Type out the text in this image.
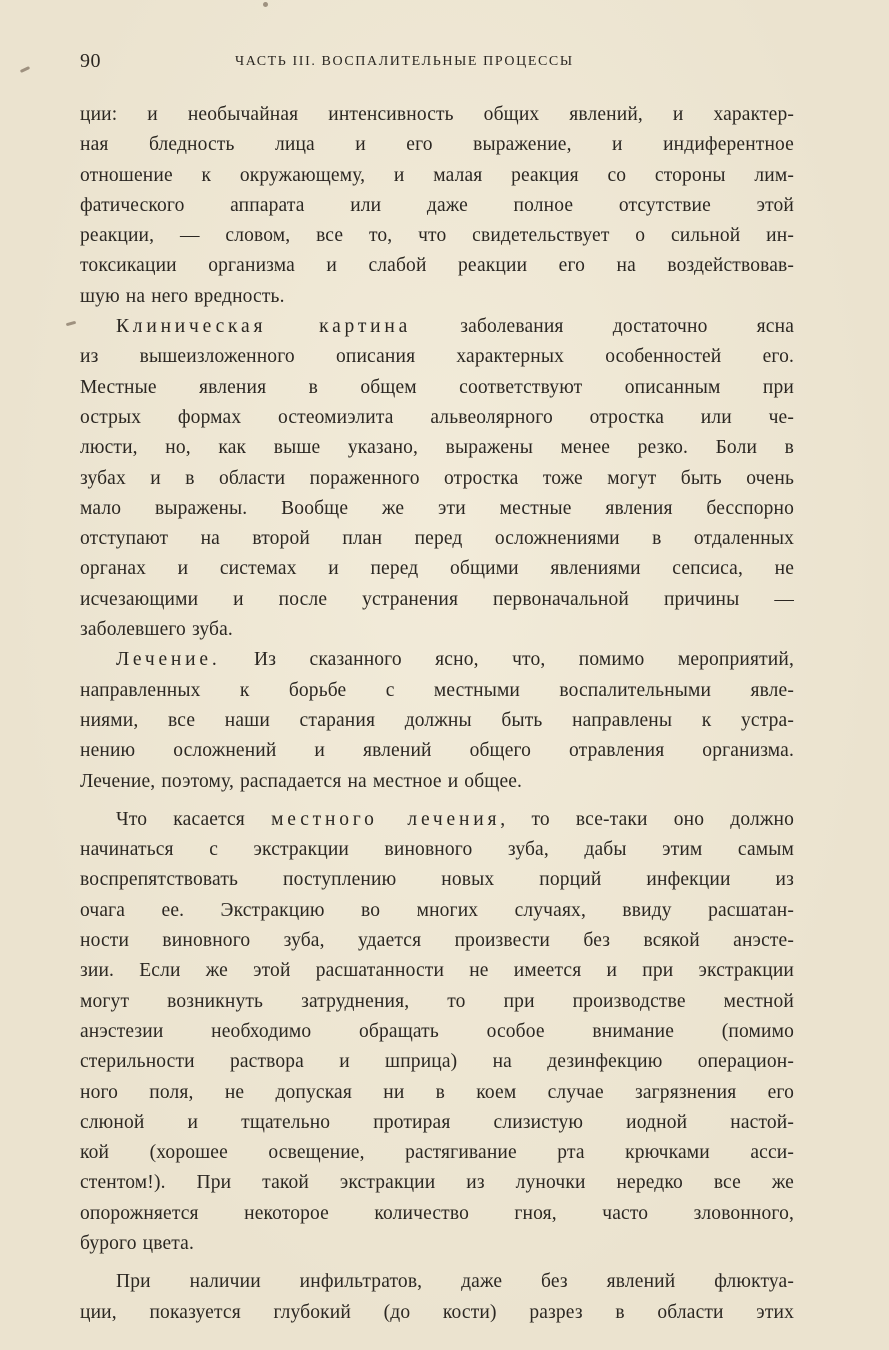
90	ЧАСТЬ III. ВОСПАЛИТЕЛЬНЫЕ ПРОЦЕССЫ
ции: и необычайная интенсивность общих явлений, и характер-
ная бледность лица и его выражение, и индиферентное
отношение к окружающему, и малая реакция со стороны лим-
фатического аппарата или даже полное отсутствие этой
реакции, — словом, все то, что свидетельствует о сильной ин-
токсикации организма и слабой реакции его на воздействовав-
шую на него вредность.
Клиническая картина заболевания достаточно ясна
из вышеизложенного описания характерных особенностей его.
Местные явления в общем соответствуют описанным при
острых формах остеомиэлита альвеолярного отростка или че-
люсти, но, как выше указано, выражены менее резко. Боли в
зубах и в области пораженного отростка тоже могут быть очень
мало выражены. Вообще же эти местные явления бесспорно
отступают на второй план перед осложнениями в отдаленных
органах и системах и перед общими явлениями сепсиса, не
исчезающими и после устранения первоначальной причины —
заболевшего зуба.
Лечение. Из сказанного ясно, что, помимо мероприятий,
направленных к борьбе с местными воспалительными явле-
ниями, все наши старания должны быть направлены к устра-
нению осложнений и явлений общего отравления организма.
Лечение, поэтому, распадается на местное и общее.
Что касается местного лечения, то все-таки оно должно
начинаться с экстракции виновного зуба, дабы этим самым
воспрепятствовать поступлению новых порций инфекции из
очага ее. Экстракцию во многих случаях, ввиду расшатан-
ности виновного зуба, удается произвести без всякой анэсте-
зии. Если же этой расшатанности не имеется и при экстракции
могут возникнуть затруднения, то при производстве местной
анэстезии необходимо обращать особое внимание (помимо
стерильности раствора и шприца) на дезинфекцию операцион-
ного поля, не допуская ни в коем случае загрязнения его
слюной и тщательно протирая слизистую иодной настой-
кой (хорошее освещение, растягивание рта крючками асси-
стентом!). При такой экстракции из луночки нередко все же
опорожняется некоторое количество гноя, часто зловонного,
бурого цвета.
При наличии инфильтратов, даже без явлений флюктуа-
ции, показуется глубокий (до кости) разрез в области этих
